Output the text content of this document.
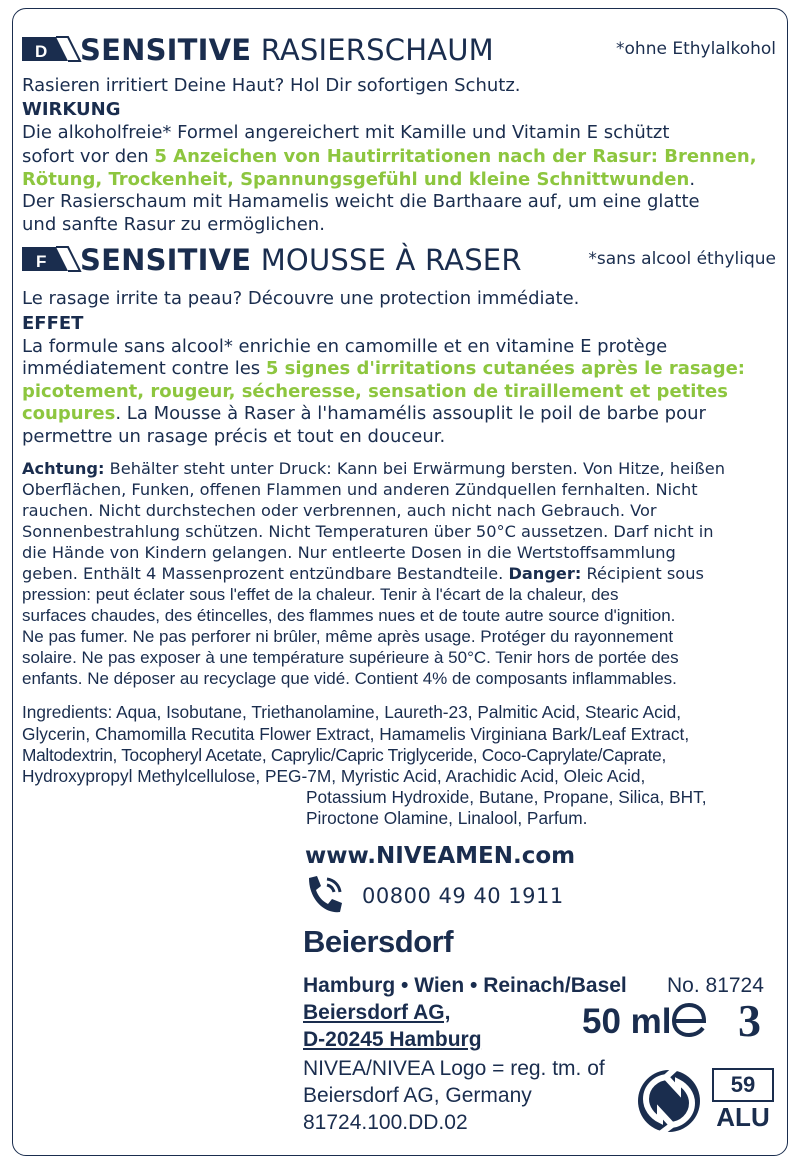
D SENSITIVE RASIERSCHAUM	*ohne Ethylalkohol
Rasieren irritiert Deine Haut? Hol Dir sofortigen Schutz.
WIRKUNG
Die alkoholfreie* Formel angereichert mit Kamille und Vitamin E schützt
sofort vor den 5 Anzeichen von Hautirritationen nach der Rasur: Brennen,
Rötung, Trockenheit, Spannungsgefühl und kleine Schnittwunden.
Der Rasierschaum mit Hamamelis weicht die Barthaare auf, um eine glatte
und sanfte Rasur zu ermöglichen.
F SENSITIVE MOUSSE À RASER	*sans alcool éthylique
Le rasage irrite ta peau? Découvre une protection immédiate.
EFFET
La formule sans alcool* enrichie en camomille et en vitamine E protège
immédiatement contre les 5 signes d'irritations cutanées après le rasage:
picotement, rougeur, sécheresse, sensation de tiraillement et petites
coupures. La Mousse à Raser à l'hamamélis assouplit le poil de barbe pour
permettre un rasage précis et tout en douceur.
Achtung: Behälter steht unter Druck: Kann bei Erwärmung bersten. Von Hitze, heißen
Oberflächen, Funken, offenen Flammen und anderen Zündquellen fernhalten. Nicht
rauchen. Nicht durchstechen oder verbrennen, auch nicht nach Gebrauch. Vor
Sonnenbestrahlung schützen. Nicht Temperaturen über 50°C aussetzen. Darf nicht in
die Hände von Kindern gelangen. Nur entleerte Dosen in die Wertstoffsammlung
geben. Enthält 4 Massenprozent entzündbare Bestandteile. Danger: Récipient sous
pression: peut éclater sous l'effet de la chaleur. Tenir à l'écart de la chaleur, des
surfaces chaudes, des étincelles, des flammes nues et de toute autre source d'ignition.
Ne pas fumer. Ne pas perforer ni brûler, même après usage. Protéger du rayonnement
solaire. Ne pas exposer à une température supérieure à 50°C. Tenir hors de portée des
enfants. Ne déposer au recyclage que vidé. Contient 4% de composants inflammables.
Ingredients: Aqua, Isobutane, Triethanolamine, Laureth-23, Palmitic Acid, Stearic Acid,
Glycerin, Chamomilla Recutita Flower Extract, Hamamelis Virginiana Bark/Leaf Extract,
Maltodextrin, Tocopheryl Acetate, Caprylic/Capric Triglyceride, Coco-Caprylate/Caprate,
Hydroxypropyl Methylcellulose, PEG-7M, Myristic Acid, Arachidic Acid, Oleic Acid,
Potassium Hydroxide, Butane, Propane, Silica, BHT,
Piroctone Olamine, Linalool, Parfum.
www.NIVEAMEN.com
00800 49 40 1911
Beiersdorf
Hamburg • Wien • Reinach/Basel No. 81724
Beiersdorf AG,
D-20245 Hamburg
NIVEA/NIVEA Logo = reg. tm. of
Beiersdorf AG, Germany
81724.100.DD.02
50 ml 3
59
ALU
